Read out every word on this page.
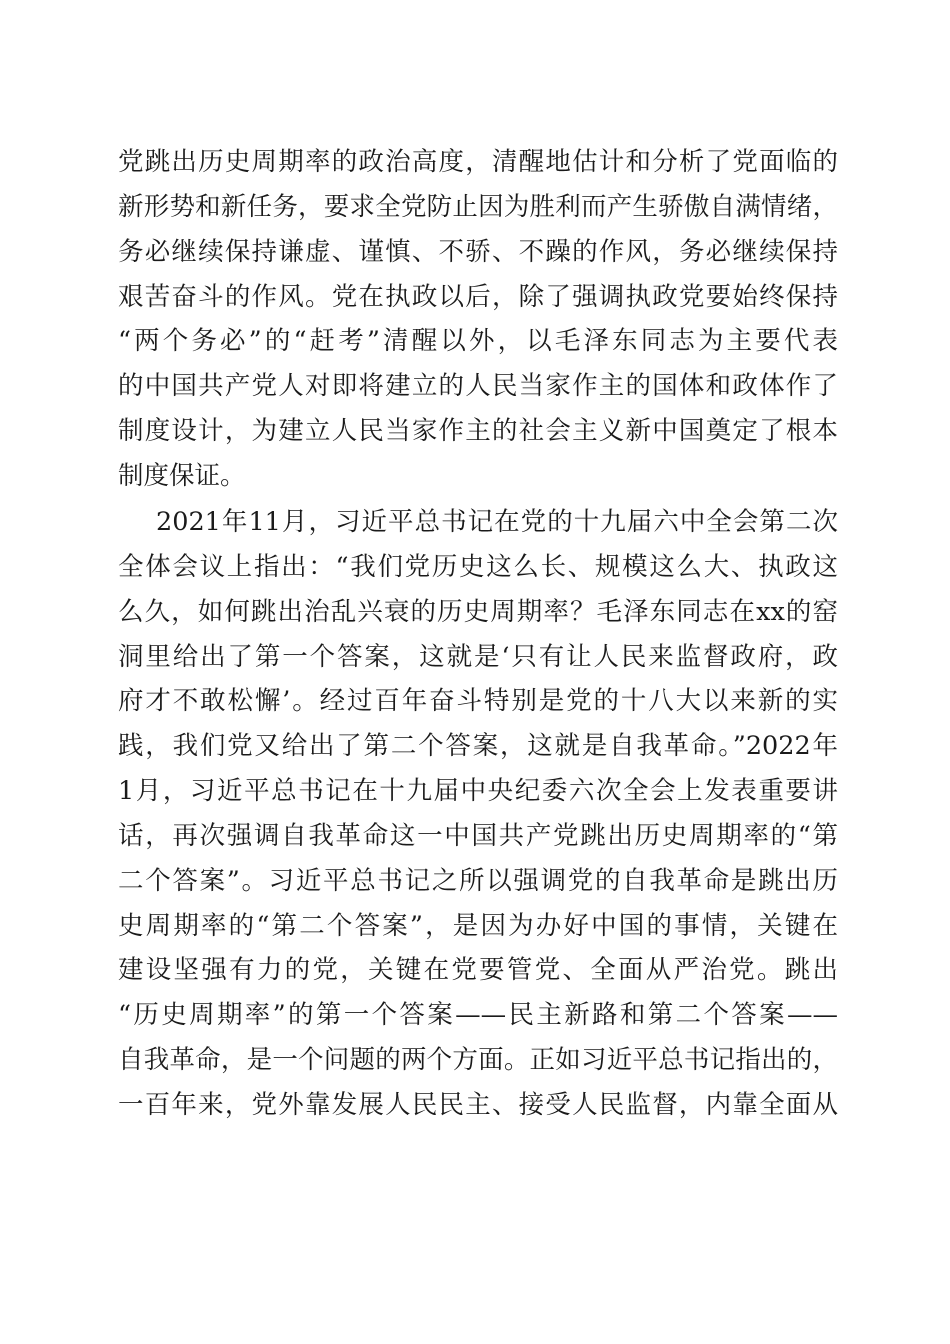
党跳出历史周期率的政治高度，清醒地估计和分析了党面临的
新形势和新任务，要求全党防止因为胜利而产生骄傲自满情绪，
务必继续保持谦虚、谨慎、不骄、不躁的作风，务必继续保持
艰苦奋斗的作风。党在执政以后，除了强调执政党要始终保持
“两个务必”的“赶考”清醒以外，以毛泽东同志为主要代表
的中国共产党人对即将建立的人民当家作主的国体和政体作了
制度设计，为建立人民当家作主的社会主义新中国奠定了根本
制度保证。
2021年11月，习近平总书记在党的十九届六中全会第二次
全体会议上指出：“我们党历史这么长、规模这么大、执政这
么久，如何跳出治乱兴衰的历史周期率？毛泽东同志在xx的窑
洞里给出了第一个答案，这就是‘只有让人民来监督政府，政
府才不敢松懈’。经过百年奋斗特别是党的十八大以来新的实
践，我们党又给出了第二个答案，这就是自我革命。”2022年
1月，习近平总书记在十九届中央纪委六次全会上发表重要讲
话，再次强调自我革命这一中国共产党跳出历史周期率的“第
二个答案”。习近平总书记之所以强调党的自我革命是跳出历
史周期率的“第二个答案”，是因为办好中国的事情，关键在
建设坚强有力的党，关键在党要管党、全面从严治党。跳出
“历史周期率”的第一个答案——民主新路和第二个答案——
自我革命，是一个问题的两个方面。正如习近平总书记指出的，
一百年来，党外靠发展人民民主、接受人民监督，内靠全面从
